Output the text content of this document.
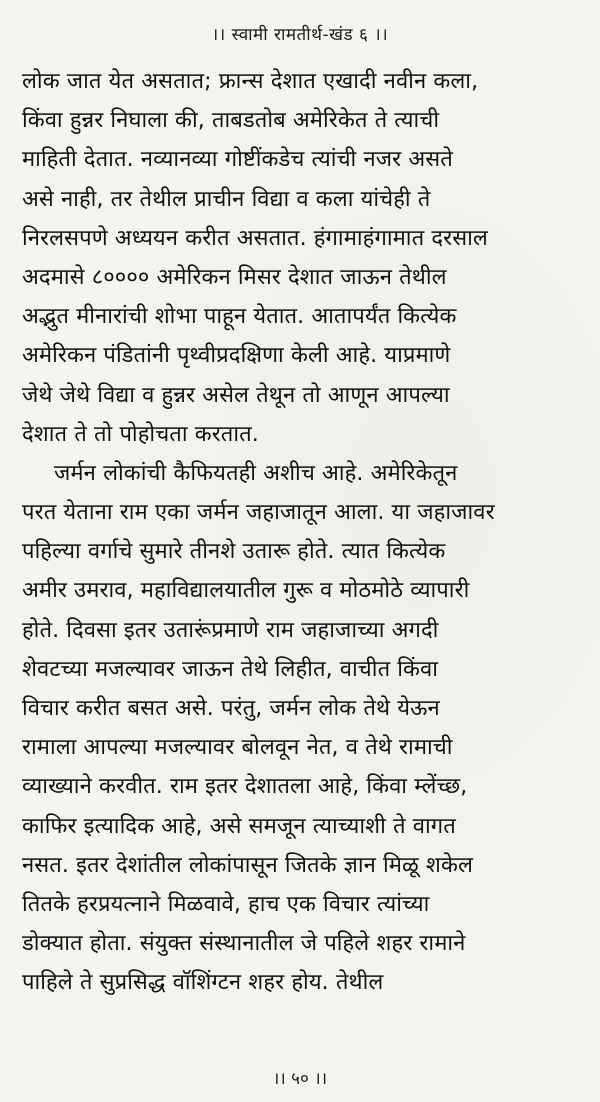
।। स्वामी रामतीर्थ-खंड ६ ।।
लोक जात येत असतात; फ्रान्स देशात एखादी नवीन कला,
किंवा हुन्नर निघाला की, ताबडतोब अमेरिकेत ते त्याची
माहिती देतात. नव्यानव्या गोष्टींकडेच त्यांची नजर असते
असे नाही, तर तेथील प्राचीन विद्या व कला यांचेही ते
निरलसपणे अध्ययन करीत असतात. हंगामाहंगामात दरसाल
अदमासे ८०००० अमेरिकन मिसर देशात जाऊन तेथील
अद्भुत मीनारांची शोभा पाहून येतात. आतापर्यंत कित्येक
अमेरिकन पंडितांनी पृथ्वीप्रदक्षिणा केली आहे. याप्रमाणे
जेथे जेथे विद्या व हुन्नर असेल तेथून तो आणून आपल्या
देशात ते तो पोहोचता करतात.
जर्मन लोकांची कैफियतही अशीच आहे. अमेरिकेतून
परत येताना राम एका जर्मन जहाजातून आला. या जहाजावर
पहिल्या वर्गाचे सुमारे तीनशे उतारू होते. त्यात कित्येक
अमीर उमराव, महाविद्यालयातील गुरू व मोठमोठे व्यापारी
होते. दिवसा इतर उतारूंप्रमाणे राम जहाजाच्या अगदी
शेवटच्या मजल्यावर जाऊन तेथे लिहीत, वाचीत किंवा
विचार करीत बसत असे. परंतु, जर्मन लोक तेथे येऊन
रामाला आपल्या मजल्यावर बोलवून नेत, व तेथे रामाची
व्याख्याने करवीत. राम इतर देशातला आहे, किंवा म्लेंच्छ,
काफिर इत्यादिक आहे, असे समजून त्याच्याशी ते वागत
नसत. इतर देशांतील लोकांपासून जितके ज्ञान मिळू शकेल
तितके हरप्रयत्नाने मिळवावे, हाच एक विचार त्यांच्या
डोक्यात होता. संयुक्त संस्थानातील जे पहिले शहर रामाने
पाहिले ते सुप्रसिद्ध वॉशिंग्टन शहर होय. तेथील
।। ५० ।।
